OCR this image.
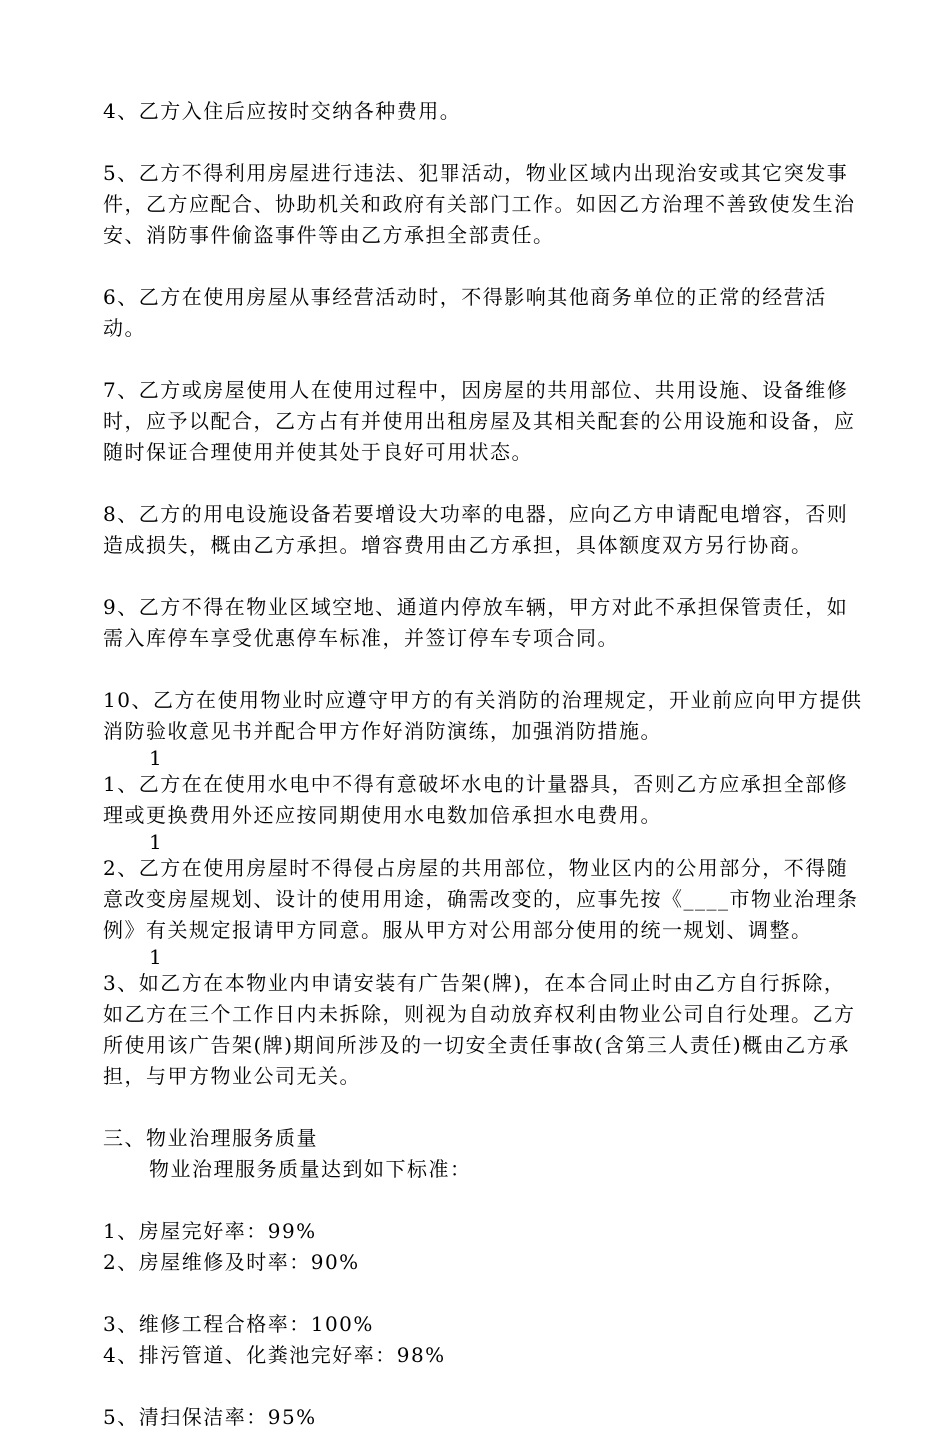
4、乙方入住后应按时交纳各种费用。

5、乙方不得利用房屋进行违法、犯罪活动，物业区域内出现治安或其它突发事件，乙方应配合、协助机关和政府有关部门工作。如因乙方治理不善致使发生治安、消防事件偷盗事件等由乙方承担全部责任。

6、乙方在使用房屋从事经营活动时，不得影响其他商务单位的正常的经营活动。

7、乙方或房屋使用人在使用过程中，因房屋的共用部位、共用设施、设备维修时，应予以配合，乙方占有并使用出租房屋及其相关配套的公用设施和设备，应随时保证合理使用并使其处于良好可用状态。

8、乙方的用电设施设备若要增设大功率的电器，应向乙方申请配电增容，否则造成损失，概由乙方承担。增容费用由乙方承担，具体额度双方另行协商。

9、乙方不得在物业区域空地、通道内停放车辆，甲方对此不承担保管责任，如需入库停车享受优惠停车标准，并签订停车专项合同。

10、乙方在使用物业时应遵守甲方的有关消防的治理规定，开业前应向甲方提供消防验收意见书并配合甲方作好消防演练，加强消防措施。

1

1、乙方在在使用水电中不得有意破坏水电的计量器具，否则乙方应承担全部修理或更换费用外还应按同期使用水电数加倍承担水电费用。

1

2、乙方在使用房屋时不得侵占房屋的共用部位，物业区内的公用部分，不得随意改变房屋规划、设计的使用用途，确需改变的，应事先按《____市物业治理条例》有关规定报请甲方同意。服从甲方对公用部分使用的统一规划、调整。

1

3、如乙方在本物业内申请安装有广告架(牌)，在本合同止时由乙方自行拆除，如乙方在三个工作日内未拆除，则视为自动放弃权利由物业公司自行处理。乙方所使用该广告架(牌)期间所涉及的一切安全责任事故(含第三人责任)概由乙方承担，与甲方物业公司无关。

三、物业治理服务质量

物业治理服务质量达到如下标准：

1、房屋完好率：99%

2、房屋维修及时率：90%

3、维修工程合格率：100%

4、排污管道、化粪池完好率：98%

5、清扫保洁率：95%
